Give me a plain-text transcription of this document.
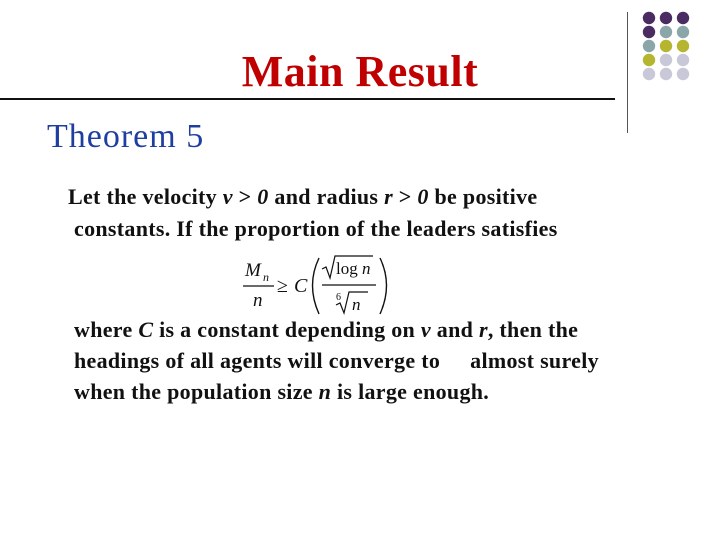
Main Result
Theorem 5
Let the velocity v > 0 and radius r > 0 be positive
constants. If the proportion of the leaders satisfies
M n
n
≥ C
log n
6 n
where C is a constant depending on v and r, then the
headings of all agents will converge to almost surely
when the population size n is large enough.
